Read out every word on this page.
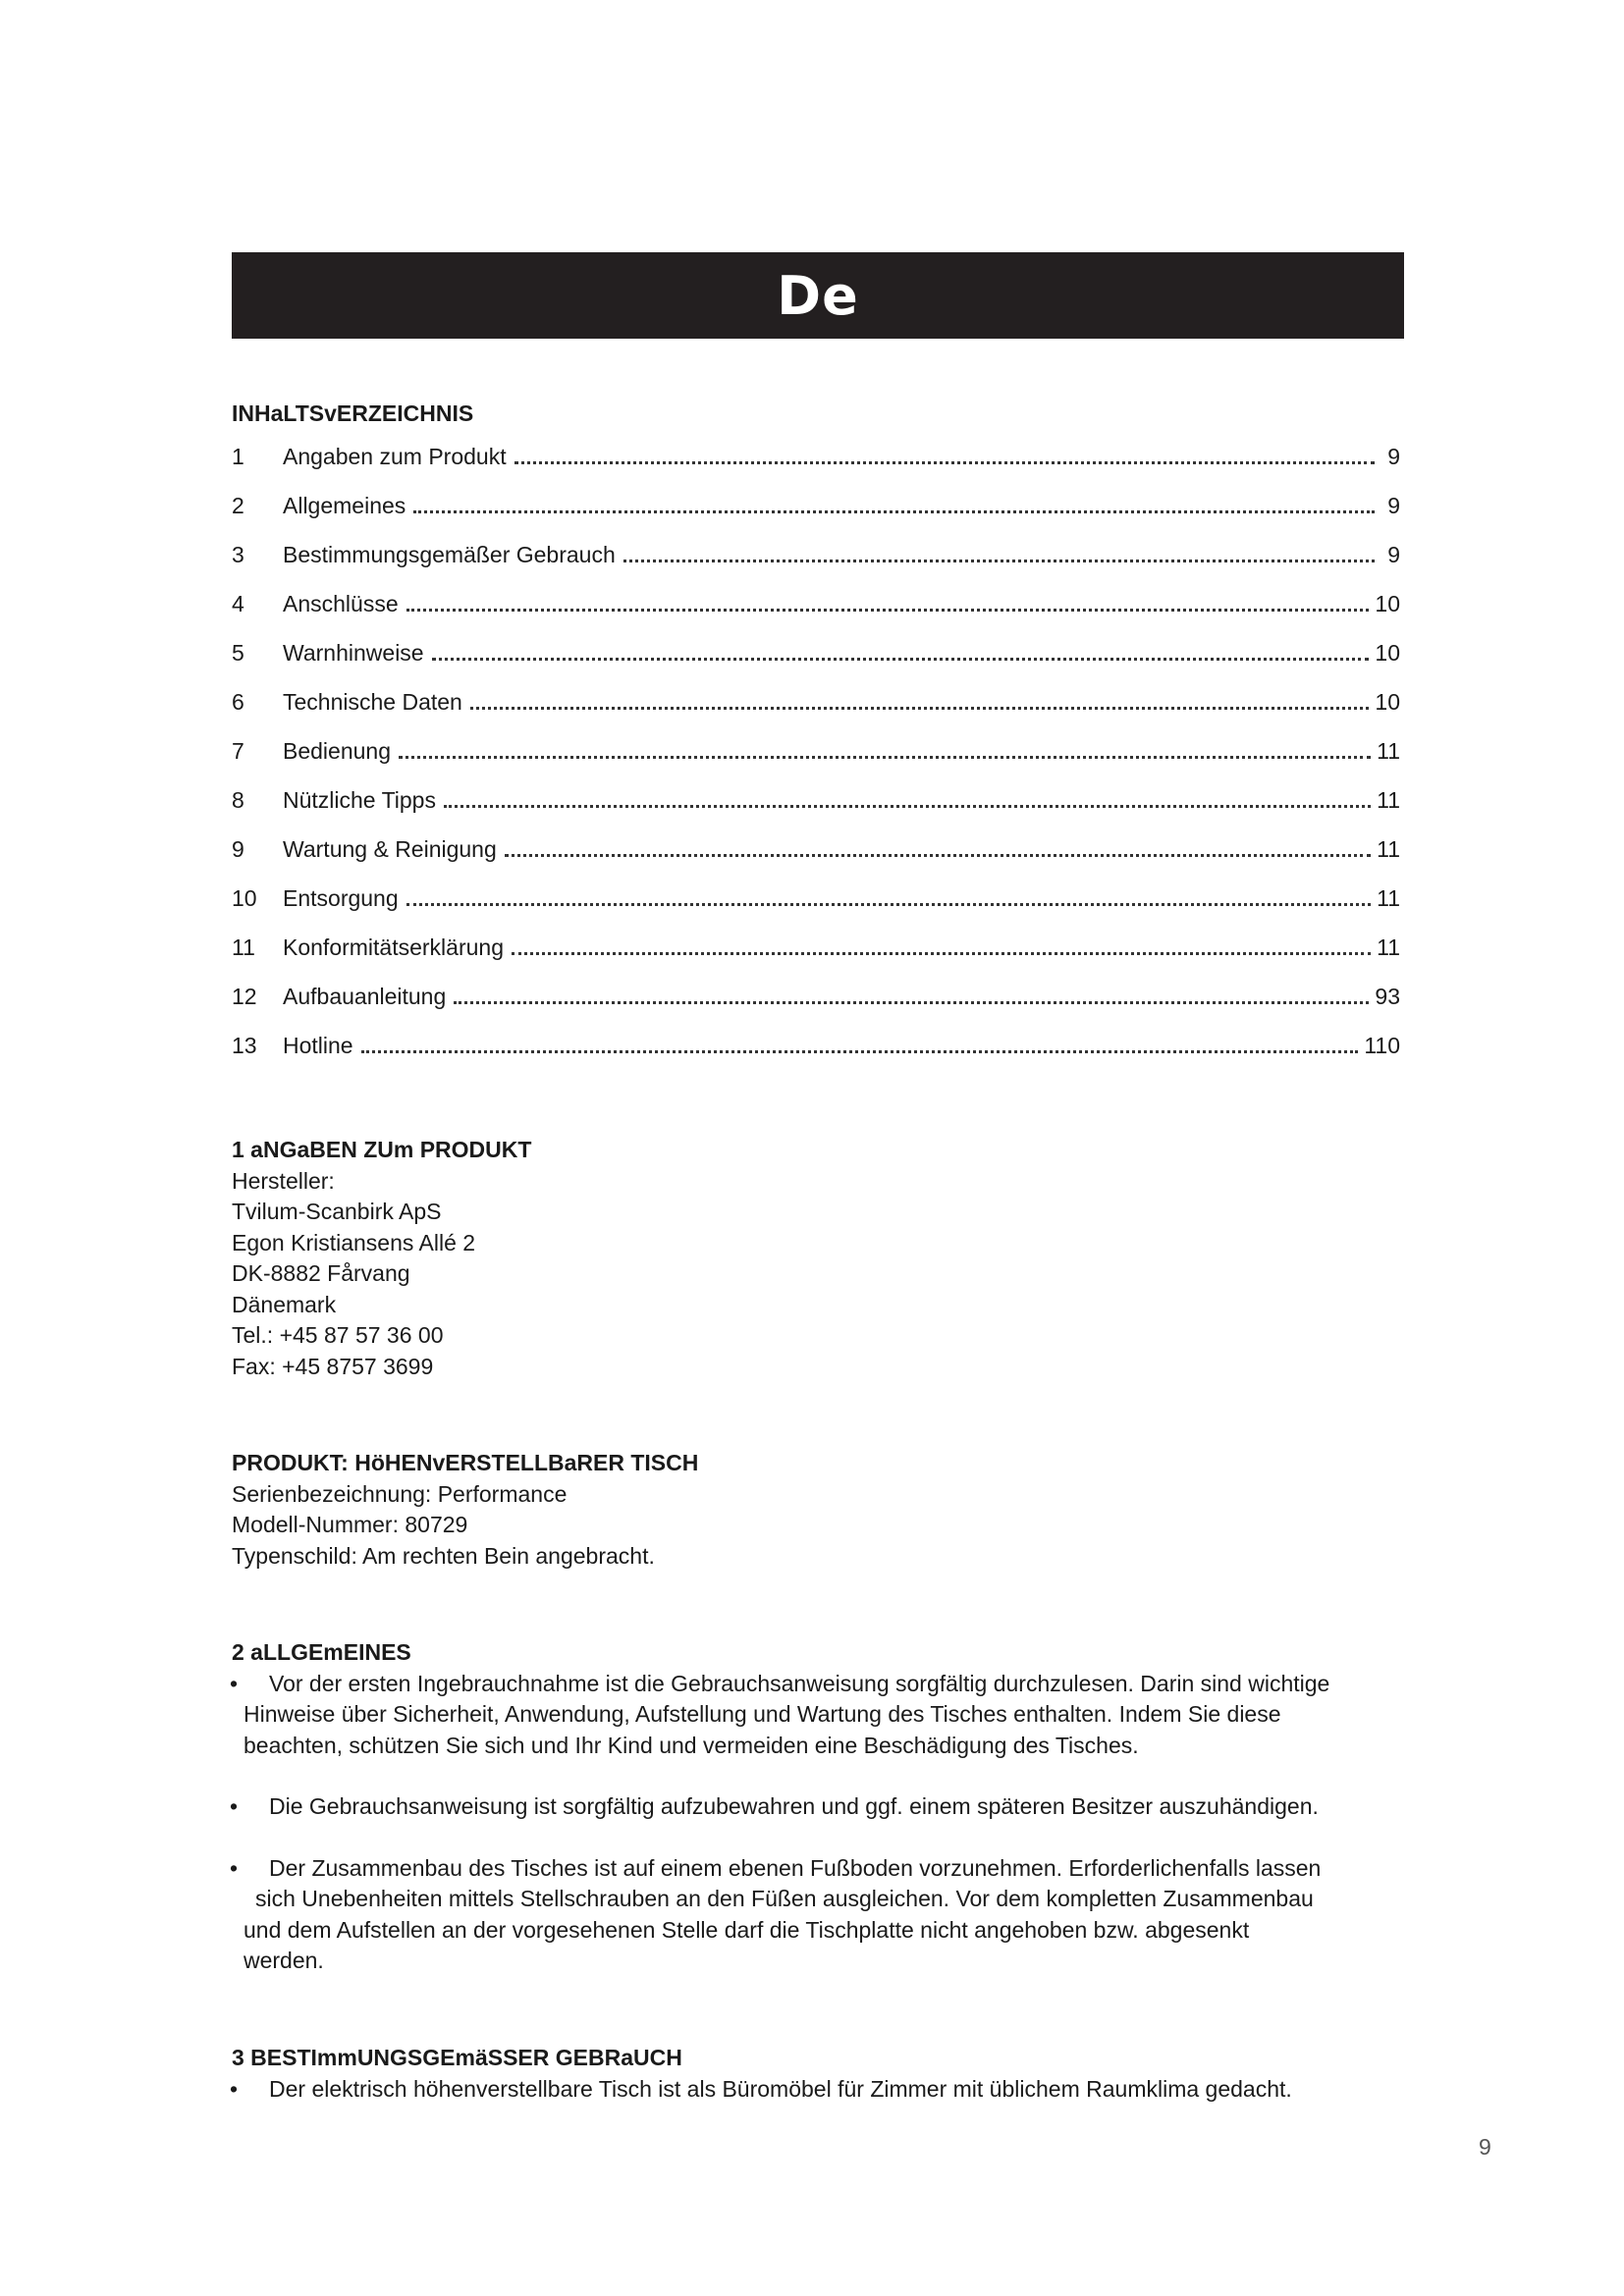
De
INHaLTSvERZEICHNIS
1	Angaben zum Produkt	9
2	Allgemeines	9
3	Bestimmungsgemäßer Gebrauch	9
4	Anschlüsse	10
5	Warnhinweise	10
6	Technische Daten	10
7	Bedienung	11
8	Nützliche Tipps	11
9	Wartung & Reinigung	11
10	Entsorgung	11
11	Konformitätserklärung	11
12	Aufbauanleitung	93
13	Hotline	110
1 aNGaBEN ZUm PRODUKT
Hersteller:
Tvilum-Scanbirk ApS
Egon Kristiansens Allé 2
DK-8882 Fårvang
Dänemark
Tel.: +45 87 57 36 00
Fax: +45 8757 3699
PRODUKT: HöHENvERSTELLBaRER TISCH
Serienbezeichnung: Performance
Modell-Nummer: 80729
Typenschild: Am rechten Bein angebracht.
2 aLLGEmEINES
•	Vor der ersten Ingebrauchnahme ist die Gebrauchsanweisung sorgfältig durchzulesen. Darin sind wichtige
Hinweise über Sicherheit, Anwendung, Aufstellung und Wartung des Tisches enthalten. Indem Sie diese
beachten, schützen Sie sich und Ihr Kind und vermeiden eine Beschädigung des Tisches.
•	Die Gebrauchsanweisung ist sorgfältig aufzubewahren und ggf. einem späteren Besitzer auszuhändigen.
•	Der Zusammenbau des Tisches ist auf einem ebenen Fußboden vorzunehmen. Erforderlichenfalls lassen
sich Unebenheiten mittels Stellschrauben an den Füßen ausgleichen. Vor dem kompletten Zusammenbau
und dem Aufstellen an der vorgesehenen Stelle darf die Tischplatte nicht angehoben bzw. abgesenkt
werden.
3 BESTImmUNGSGEmäSSER GEBRaUCH
•	Der elektrisch höhenverstellbare Tisch ist als Büromöbel für Zimmer mit üblichem Raumklima gedacht.
9
